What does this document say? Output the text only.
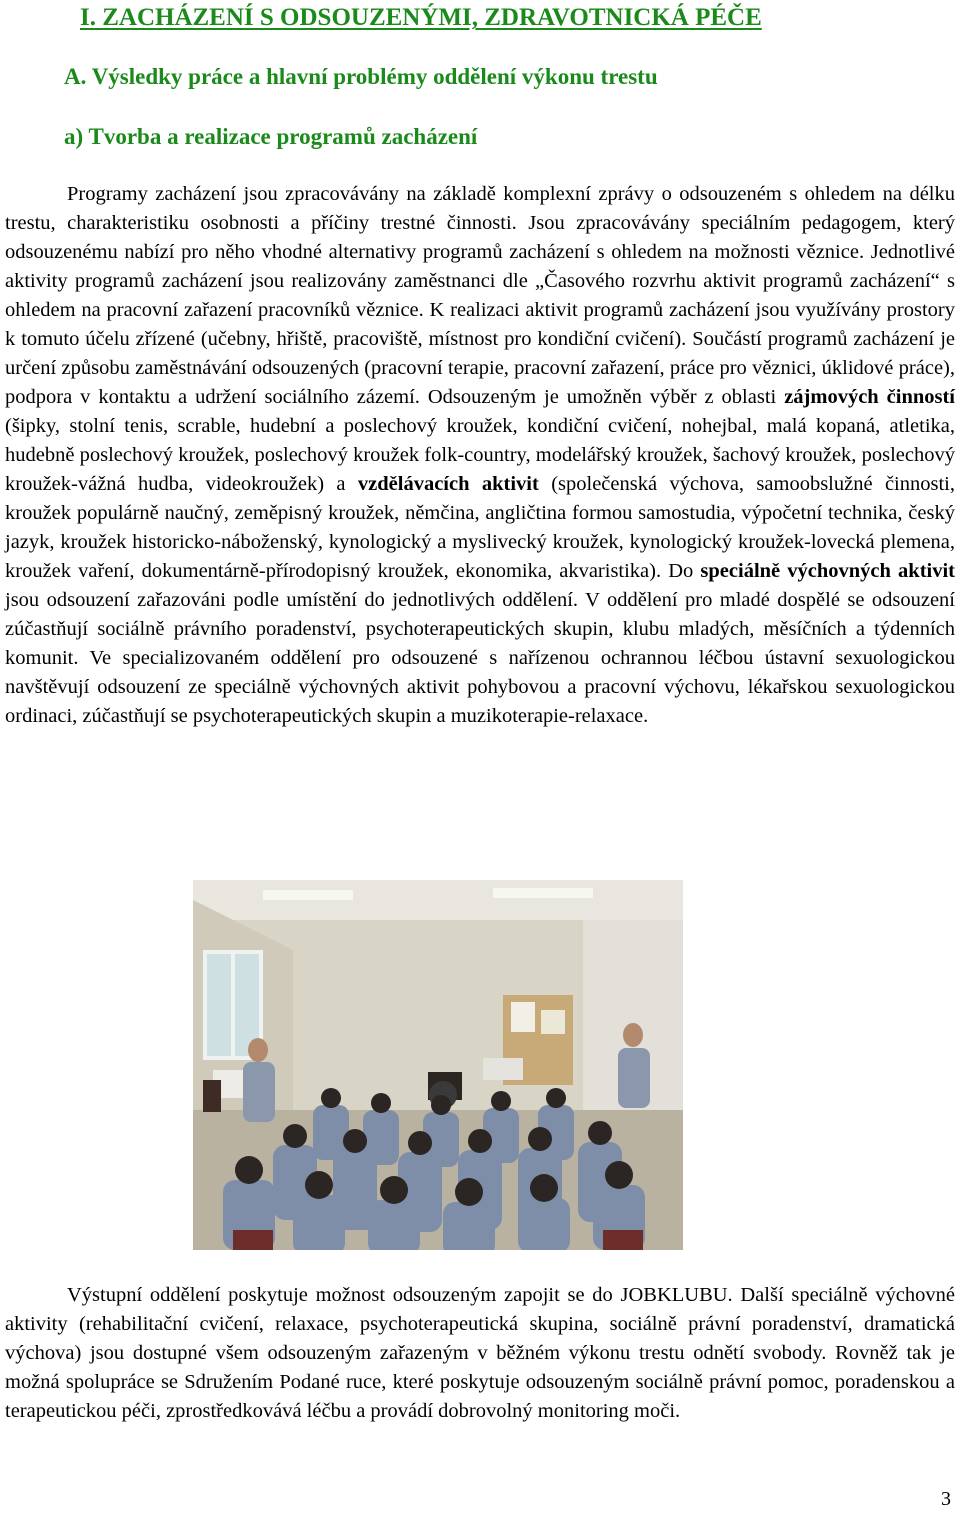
I. ZACHÁZENÍ S ODSOUZENÝMI, ZDRAVOTNICKÁ PÉČE
A. Výsledky práce a hlavní problémy oddělení výkonu trestu
a) Tvorba a realizace programů zacházení

Programy zacházení jsou zpracovávány na základě komplexní zprávy o odsouzeném s ohledem na délku trestu, charakteristiku osobnosti a příčiny trestné činnosti. Jsou zpracovávány speciálním pedagogem, který odsouzenému nabízí pro něho vhodné alternativy programů zacházení s ohledem na možnosti věznice. Jednotlivé aktivity programů zacházení jsou realizovány zaměstnanci dle „Časového rozvrhu aktivit programů zacházení“ s ohledem na pracovní zařazení pracovníků věznice. K realizaci aktivit programů zacházení jsou využívány prostory k tomuto účelu zřízené (učebny, hřiště, pracoviště, místnost pro kondiční cvičení). Součástí programů zacházení je určení způsobu zaměstnávání odsouzených (pracovní terapie, pracovní zařazení, práce pro věznici, úklidové práce), podpora v kontaktu a udržení sociálního zázemí. Odsouzeným je umožněn výběr z oblasti zájmových činností (šipky, stolní tenis, scrable, hudební a poslechový kroužek, kondiční cvičení, nohejbal, malá kopaná, atletika, hudebně poslechový kroužek, poslechový kroužek folk-country, modelářský kroužek, šachový kroužek, poslechový kroužek-vážná hudba, videokroužek) a vzdělávacích aktivit (společenská výchova, samoobslužné činnosti, kroužek populárně naučný, zeměpisný kroužek, němčina, angličtina formou samostudia, výpočetní technika, český jazyk, kroužek historicko-náboženský, kynologický a myslivecký kroužek, kynologický kroužek-lovecká plemena, kroužek vaření, dokumentárně-přírodopisný kroužek, ekonomika, akvaristika). Do speciálně výchovných aktivit jsou odsouzení zařazováni podle umístění do jednotlivých oddělení. V oddělení pro mladé dospělé se odsouzení zúčastňují sociálně právního poradenství, psychoterapeutických skupin, klubu mladých, měsíčních a týdenních komunit. Ve specializovaném oddělení pro odsouzené s nařízenou ochrannou léčbou ústavní sexuologickou navštěvují odsouzení ze speciálně výchovných aktivit pohybovou a pracovní výchovu, lékařskou sexuologickou ordinaci, zúčastňují se psychoterapeutických skupin a muzikoterapie-relaxace.

Výstupní oddělení poskytuje možnost odsouzeným zapojit se do JOBKLUBU. Další speciálně výchovné aktivity (rehabilitační cvičení, relaxace, psychoterapeutická skupina, sociálně právní poradenství, dramatická výchova) jsou dostupné všem odsouzeným zařazeným v běžném výkonu trestu odnětí svobody. Rovněž tak je možná spolupráce se Sdružením Podané ruce, které poskytuje odsouzeným sociálně právní pomoc, poradenskou a terapeutickou péči, zprostředkovává léčbu a provádí dobrovolný monitoring moči.

3
